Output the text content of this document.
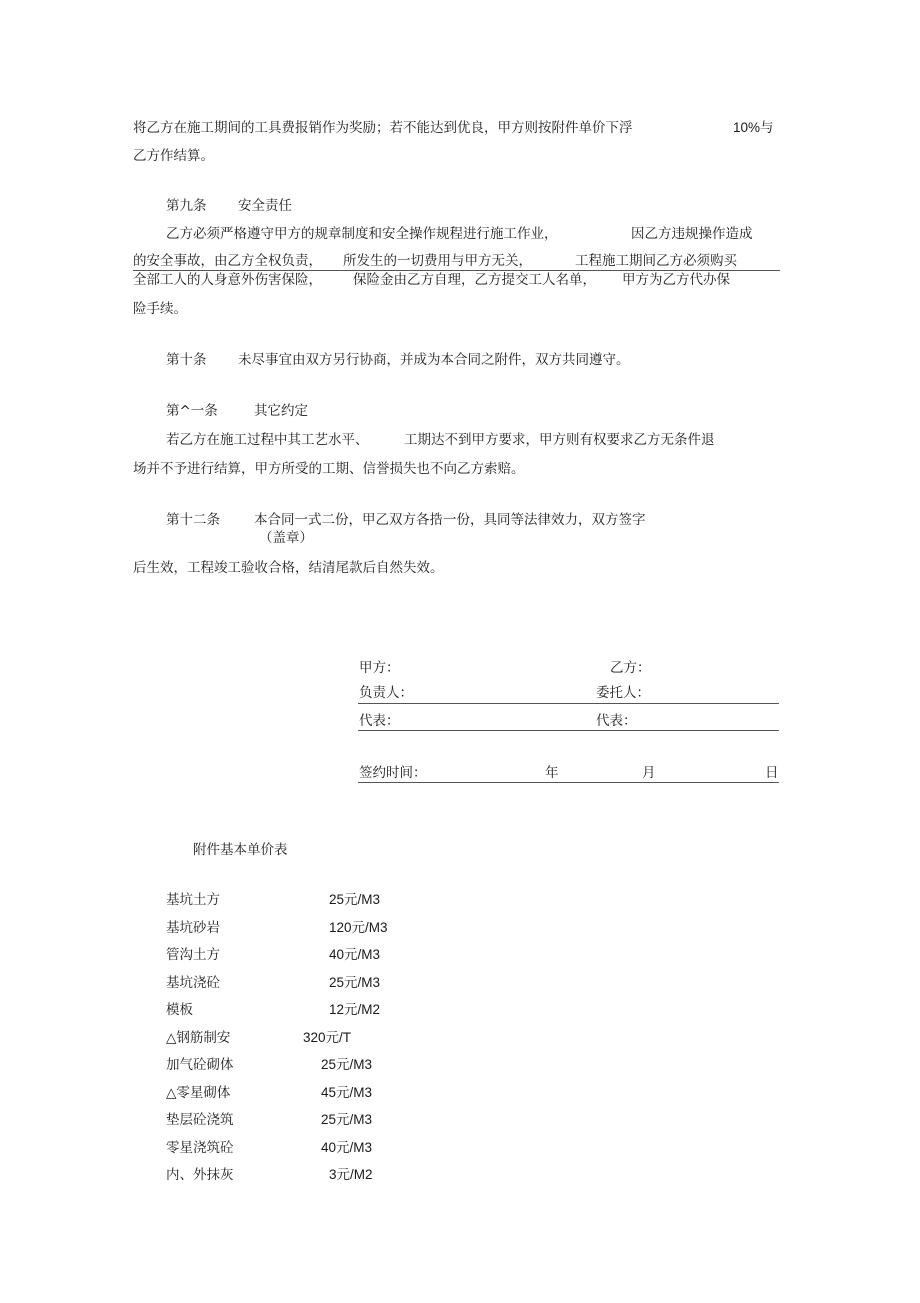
将乙方在施工期间的工具费报销作为奖励；若不能达到优良，甲方则按附件单价下浮	10%与
乙方作结算。
第九条 安全责任
乙方必须严格遵守甲方的规章制度和安全操作规程进行施工作业，	因乙方违规操作造成
的安全事故，由乙方全权负责， 所发生的一切费用与甲方无关，	工程施工期间乙方必须购买
全部工人的人身意外伤害保险， 保险金由乙方自理，乙方提交工人名单， 甲方为乙方代办保
险手续。
第十条 未尽事宜由双方另行协商，并成为本合同之附件，双方共同遵守。
第^一条	其它约定
若乙方在施工过程中其工艺水平、	工期达不到甲方要求，甲方则有权要求乙方无条件退
场并不予进行结算，甲方所受的工期、信誉损失也不向乙方索赔。
第十二条	本合同一式二份，甲乙双方各捁一份，具同等法律效力，双方签字
（盖章）
后生效，工程竣工验收合格，结清尾款后自然失效。
甲方：	乙方：
负责人：	委托人：
代表：	代表：
签约时间：	年	月	日
附件基本单价表
基坑土方	25元/M3
基坑砂岩	120元/M3
管沟土方	40元/M3
基坑浇砼	25元/M3
模板	12元/M2
△钢筋制安	320元/T
加气砼砌体	25元/M3
△零星砌体	45元/M3
垫层砼浇筑	25元/M3
零星浇筑砼	40元/M3
内、外抹灰	3元/M2
